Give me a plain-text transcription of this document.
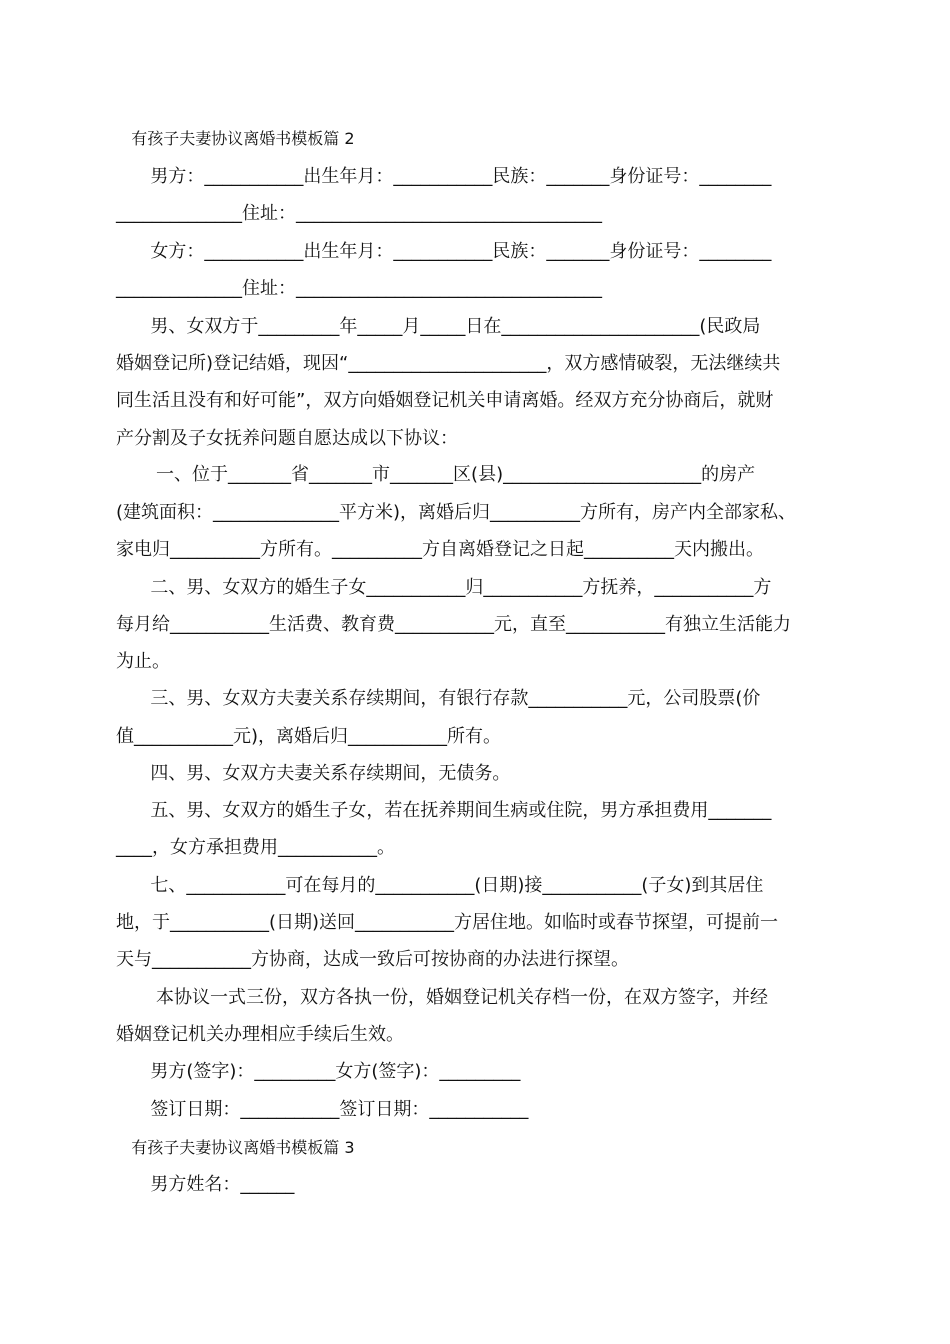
有孩子夫妻协议离婚书模板篇 2
男方：___________出生年月：___________民族：_______身份证号：________
______________住址：__________________________________
女方：___________出生年月：___________民族：_______身份证号：________
______________住址：__________________________________
男、女双方于_________年_____月_____日在______________________(民政局
婚姻登记所)登记结婚，现因“______________________，双方感情破裂，无法继续共
同生活且没有和好可能”，双方向婚姻登记机关申请离婚。经双方充分协商后，就财
产分割及子女抚养问题自愿达成以下协议：
一、位于_______省_______市_______区(县)______________________的房产
(建筑面积：______________平方米)，离婚后归__________方所有，房产内全部家私、
家电归__________方所有。__________方自离婚登记之日起__________天内搬出。
二、男、女双方的婚生子女___________归___________方抚养，___________方
每月给___________生活费、教育费___________元，直至___________有独立生活能力
为止。
三、男、女双方夫妻关系存续期间，有银行存款___________元，公司股票(价
值___________元)，离婚后归___________所有。
四、男、女双方夫妻关系存续期间，无债务。
五、男、女双方的婚生子女，若在抚养期间生病或住院，男方承担费用_______
____，女方承担费用___________。
七、___________可在每月的___________(日期)接___________(子女)到其居住
地，于___________(日期)送回___________方居住地。如临时或春节探望，可提前一
天与___________方协商，达成一致后可按协商的办法进行探望。
本协议一式三份，双方各执一份，婚姻登记机关存档一份，在双方签字，并经
婚姻登记机关办理相应手续后生效。
男方(签字)：_________女方(签字)：_________
签订日期：___________签订日期：___________
有孩子夫妻协议离婚书模板篇 3
男方姓名：______
